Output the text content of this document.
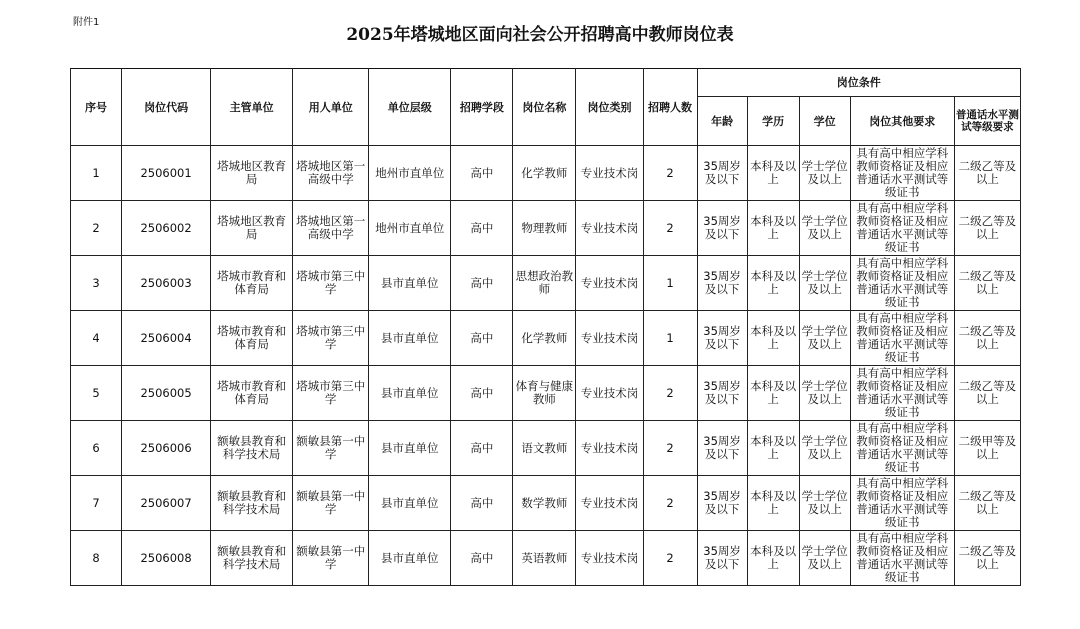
附件1
2025年塔城地区面向社会公开招聘高中教师岗位表
序号	岗位代码	主管单位	用人单位	单位层级	招聘学段	岗位名称	岗位类别	招聘人数	岗位条件				
									年龄	学历	学位	岗位其他要求	普通话水平测试等级要求
1	2506001	塔城地区教育局	塔城地区第一高级中学	地州市直单位	高中	化学教师	专业技术岗	2	35周岁及以下	本科及以上	学士学位及以上	具有高中相应学科教师资格证及相应普通话水平测试等级证书	二级乙等及以上
2	2506002	塔城地区教育局	塔城地区第一高级中学	地州市直单位	高中	物理教师	专业技术岗	2	35周岁及以下	本科及以上	学士学位及以上	具有高中相应学科教师资格证及相应普通话水平测试等级证书	二级乙等及以上
3	2506003	塔城市教育和体育局	塔城市第三中学	县市直单位	高中	思想政治教师	专业技术岗	1	35周岁及以下	本科及以上	学士学位及以上	具有高中相应学科教师资格证及相应普通话水平测试等级证书	二级乙等及以上
4	2506004	塔城市教育和体育局	塔城市第三中学	县市直单位	高中	化学教师	专业技术岗	1	35周岁及以下	本科及以上	学士学位及以上	具有高中相应学科教师资格证及相应普通话水平测试等级证书	二级乙等及以上
5	2506005	塔城市教育和体育局	塔城市第三中学	县市直单位	高中	体育与健康教师	专业技术岗	2	35周岁及以下	本科及以上	学士学位及以上	具有高中相应学科教师资格证及相应普通话水平测试等级证书	二级乙等及以上
6	2506006	额敏县教育和科学技术局	额敏县第一中学	县市直单位	高中	语文教师	专业技术岗	2	35周岁及以下	本科及以上	学士学位及以上	具有高中相应学科教师资格证及相应普通话水平测试等级证书	二级甲等及以上
7	2506007	额敏县教育和科学技术局	额敏县第一中学	县市直单位	高中	数学教师	专业技术岗	2	35周岁及以下	本科及以上	学士学位及以上	具有高中相应学科教师资格证及相应普通话水平测试等级证书	二级乙等及以上
8	2506008	额敏县教育和科学技术局	额敏县第一中学	县市直单位	高中	英语教师	专业技术岗	2	35周岁及以下	本科及以上	学士学位及以上	具有高中相应学科教师资格证及相应普通话水平测试等级证书	二级乙等及以上
